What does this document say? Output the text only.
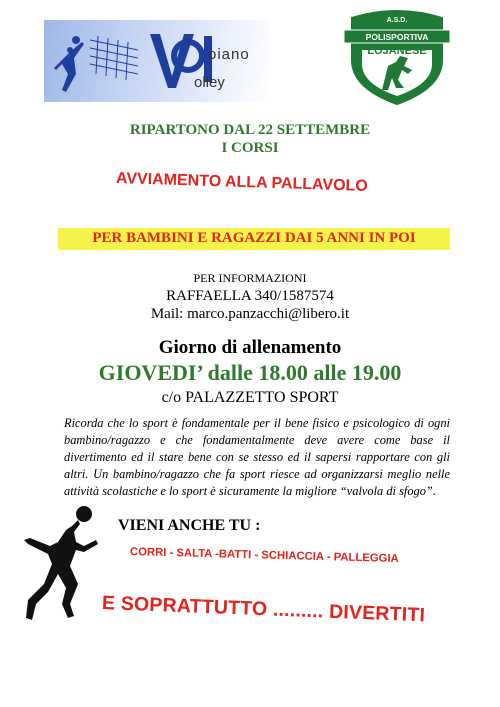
oiano
olley
A.S.D.
POLISPORTIVA
LOJANESE
RIPARTONO DAL 22 SETTEMBRE
I CORSI
AVVIAMENTO ALLA PALLAVOLO
PER BAMBINI E RAGAZZI DAI 5 ANNI IN POI
PER INFORMAZIONI
RAFFAELLA 340/1587574
Mail: marco.panzacchi@libero.it
Giorno di allenamento
GIOVEDI’ dalle 18.00 alle 19.00
c/o PALAZZETTO SPORT
Ricorda che lo sport è fondamentale per il bene fisico e psicologico di ogni bambino/ragazzo e che fondamentalmente deve avere come base il divertimento ed il stare bene con se stesso ed il sapersi rapportare con gli altri. Un bambino/ragazzo che fa sport riesce ad organizzarsi meglio nelle attività scolastiche e lo sport è sicuramente la migliore “valvola di sfogo”.
VIENI ANCHE TU :
CORRI - SALTA -BATTI - SCHIACCIA - PALLEGGIA
E SOPRATTUTTO ......... DIVERTITI
